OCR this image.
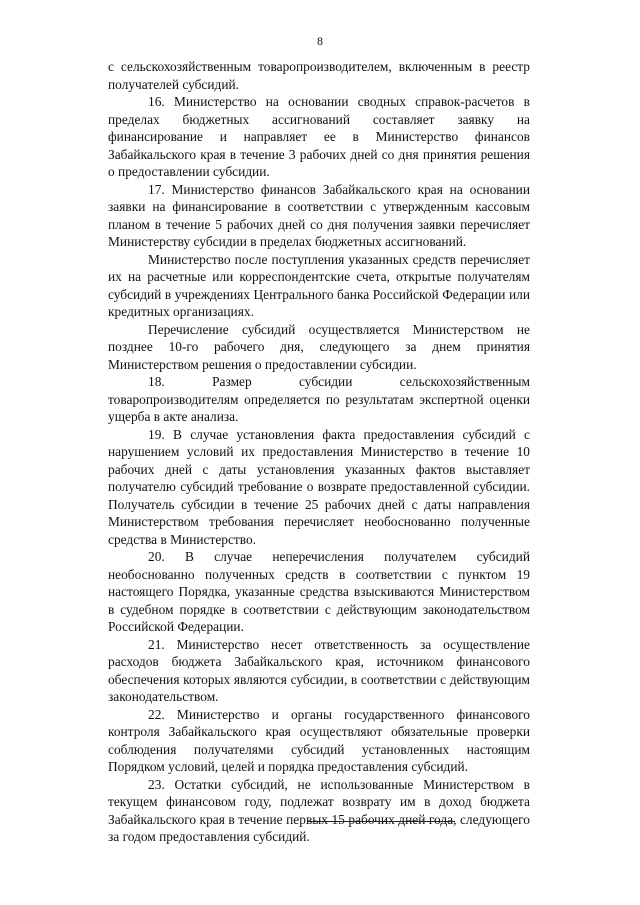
8

с сельскохозяйственным товаропроизводителем, включенным в реестр получателей субсидий.

16. Министерство на основании сводных справок-расчетов в пределах бюджетных ассигнований составляет заявку на финансирование и направляет ее в Министерство финансов Забайкальского края в течение 3 рабочих дней со дня принятия решения о предоставлении субсидии.

17. Министерство финансов Забайкальского края на основании заявки на финансирование в соответствии с утвержденным кассовым планом в течение 5 рабочих дней со дня получения заявки перечисляет Министерству субсидии в пределах бюджетных ассигнований.

Министерство после поступления указанных средств перечисляет их на расчетные или корреспондентские счета, открытые получателям субсидий в учреждениях Центрального банка Российской Федерации или кредитных организациях.

Перечисление субсидий осуществляется Министерством не позднее 10-го рабочего дня, следующего за днем принятия Министерством решения о предоставлении субсидии.

18. Размер субсидии сельскохозяйственным товаропроизводителям определяется по результатам экспертной оценки ущерба в акте анализа.

19. В случае установления факта предоставления субсидий с нарушением условий их предоставления Министерство в течение 10 рабочих дней с даты установления указанных фактов выставляет получателю субсидий требование о возврате предоставленной субсидии. Получатель субсидии в течение 25 рабочих дней с даты направления Министерством требования перечисляет необоснованно полученные средства в Министерство.

20. В случае неперечисления получателем субсидий необоснованно полученных средств в соответствии с пунктом 19 настоящего Порядка, указанные средства взыскиваются Министерством в судебном порядке в соответствии с действующим законодательством Российской Федерации.

21. Министерство несет ответственность за осуществление расходов бюджета Забайкальского края, источником финансового обеспечения которых являются субсидии, в соответствии с действующим законодательством.

22. Министерство и органы государственного финансового контроля Забайкальского края осуществляют обязательные проверки соблюдения получателями субсидий установленных настоящим Порядком условий, целей и порядка предоставления субсидий.

23. Остатки субсидий, не использованные Министерством в текущем финансовом году, подлежат возврату им в доход бюджета Забайкальского края в течение первых 15 рабочих дней года, следующего за годом предоставления субсидий.
